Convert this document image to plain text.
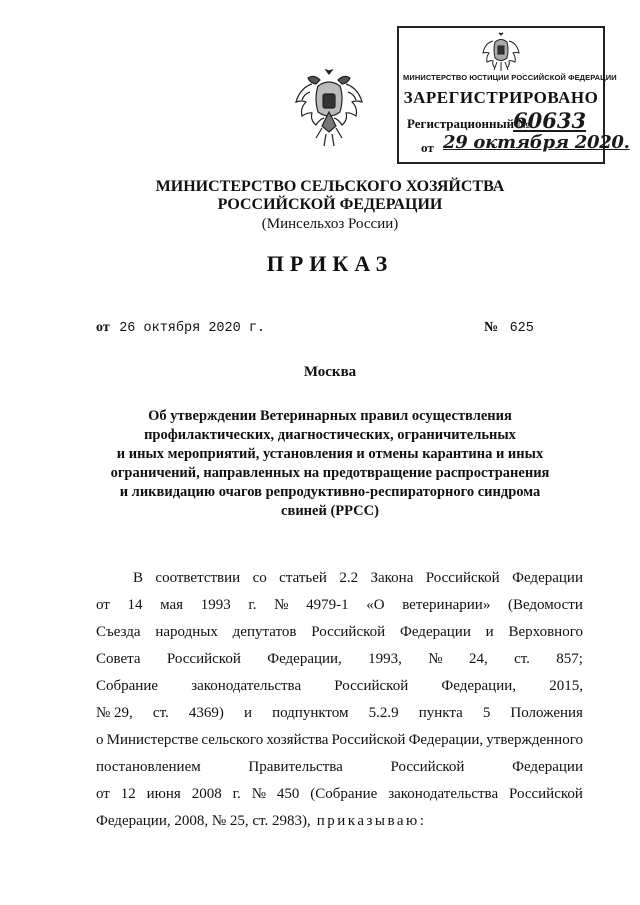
МИНИСТЕРСТВО ЮСТИЦИИ РОССИЙСКОЙ ФЕДЕРАЦИИ
ЗАРЕГИСТРИРОВАНО
Регистрационный №
60633
от 29 октября 2020.
МИНИСТЕРСТВО СЕЛЬСКОГО ХОЗЯЙСТВА
РОССИЙСКОЙ ФЕДЕРАЦИИ
(Минсельхоз России)
ПРИКАЗ
от 26 октября 2020 г.	№ 625
Москва
Об утверждении Ветеринарных правил осуществления
профилактических, диагностических, ограничительных
и иных мероприятий, установления и отмены карантина и иных
ограничений, направленных на предотвращение распространения
и ликвидацию очагов репродуктивно-респираторного синдрома
свиней (РРСС)
В соответствии со статьей 2.2 Закона Российской Федерации
от 14 мая 1993 г. № 4979-1 «О ветеринарии» (Ведомости
Съезда народных депутатов Российской Федерации и Верховного
Совета Российской Федерации, 1993, № 24, ст. 857;
Собрание законодательства Российской Федерации, 2015,
№ 29, ст. 4369) и подпунктом 5.2.9 пункта 5 Положения
о Министерстве сельского хозяйства Российской Федерации, утвержденного
постановлением	Правительства	Российской	Федерации
от 12 июня 2008 г. № 450 (Собрание законодательства Российской
Федерации, 2008, № 25, ст. 2983), приказываю:
